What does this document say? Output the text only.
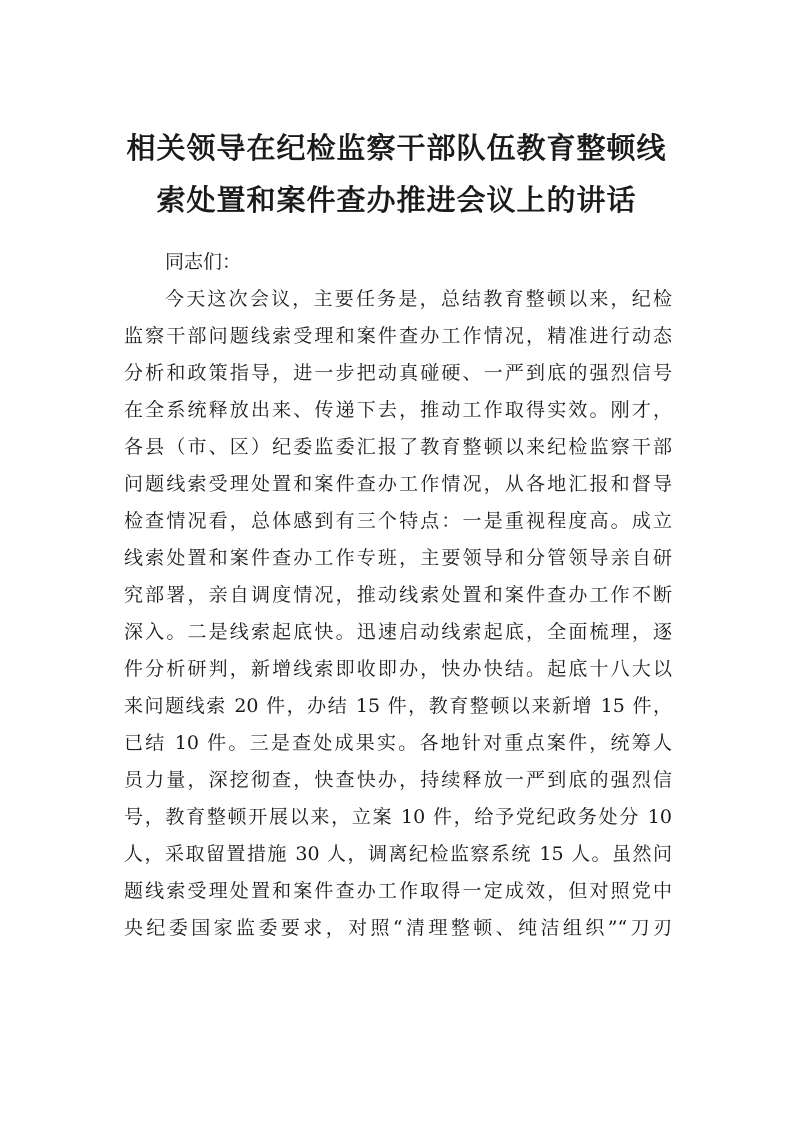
相关领导在纪检监察干部队伍教育整顿线
索处置和案件查办推进会议上的讲话
同志们：
今天这次会议，主要任务是，总结教育整顿以来，纪检
监察干部问题线索受理和案件查办工作情况，精准进行动态
分析和政策指导，进一步把动真碰硬、一严到底的强烈信号
在全系统释放出来、传递下去，推动工作取得实效。刚才，
各县（市、区）纪委监委汇报了教育整顿以来纪检监察干部
问题线索受理处置和案件查办工作情况，从各地汇报和督导
检查情况看，总体感到有三个特点：一是重视程度高。成立
线索处置和案件查办工作专班，主要领导和分管领导亲自研
究部署，亲自调度情况，推动线索处置和案件查办工作不断
深入。二是线索起底快。迅速启动线索起底，全面梳理，逐
件分析研判，新增线索即收即办，快办快结。起底十八大以
来问题线索 20 件，办结 15 件，教育整顿以来新增 15 件，
已结 10 件。三是查处成果实。各地针对重点案件，统筹人
员力量，深挖彻查，快查快办，持续释放一严到底的强烈信
号，教育整顿开展以来，立案 10 件，给予党纪政务处分 10
人，采取留置措施 30 人，调离纪检监察系统 15 人。虽然问
题线索受理处置和案件查办工作取得一定成效，但对照党中
央纪委国家监委要求，对照“清理整顿、纯洁组织”“刀刃
